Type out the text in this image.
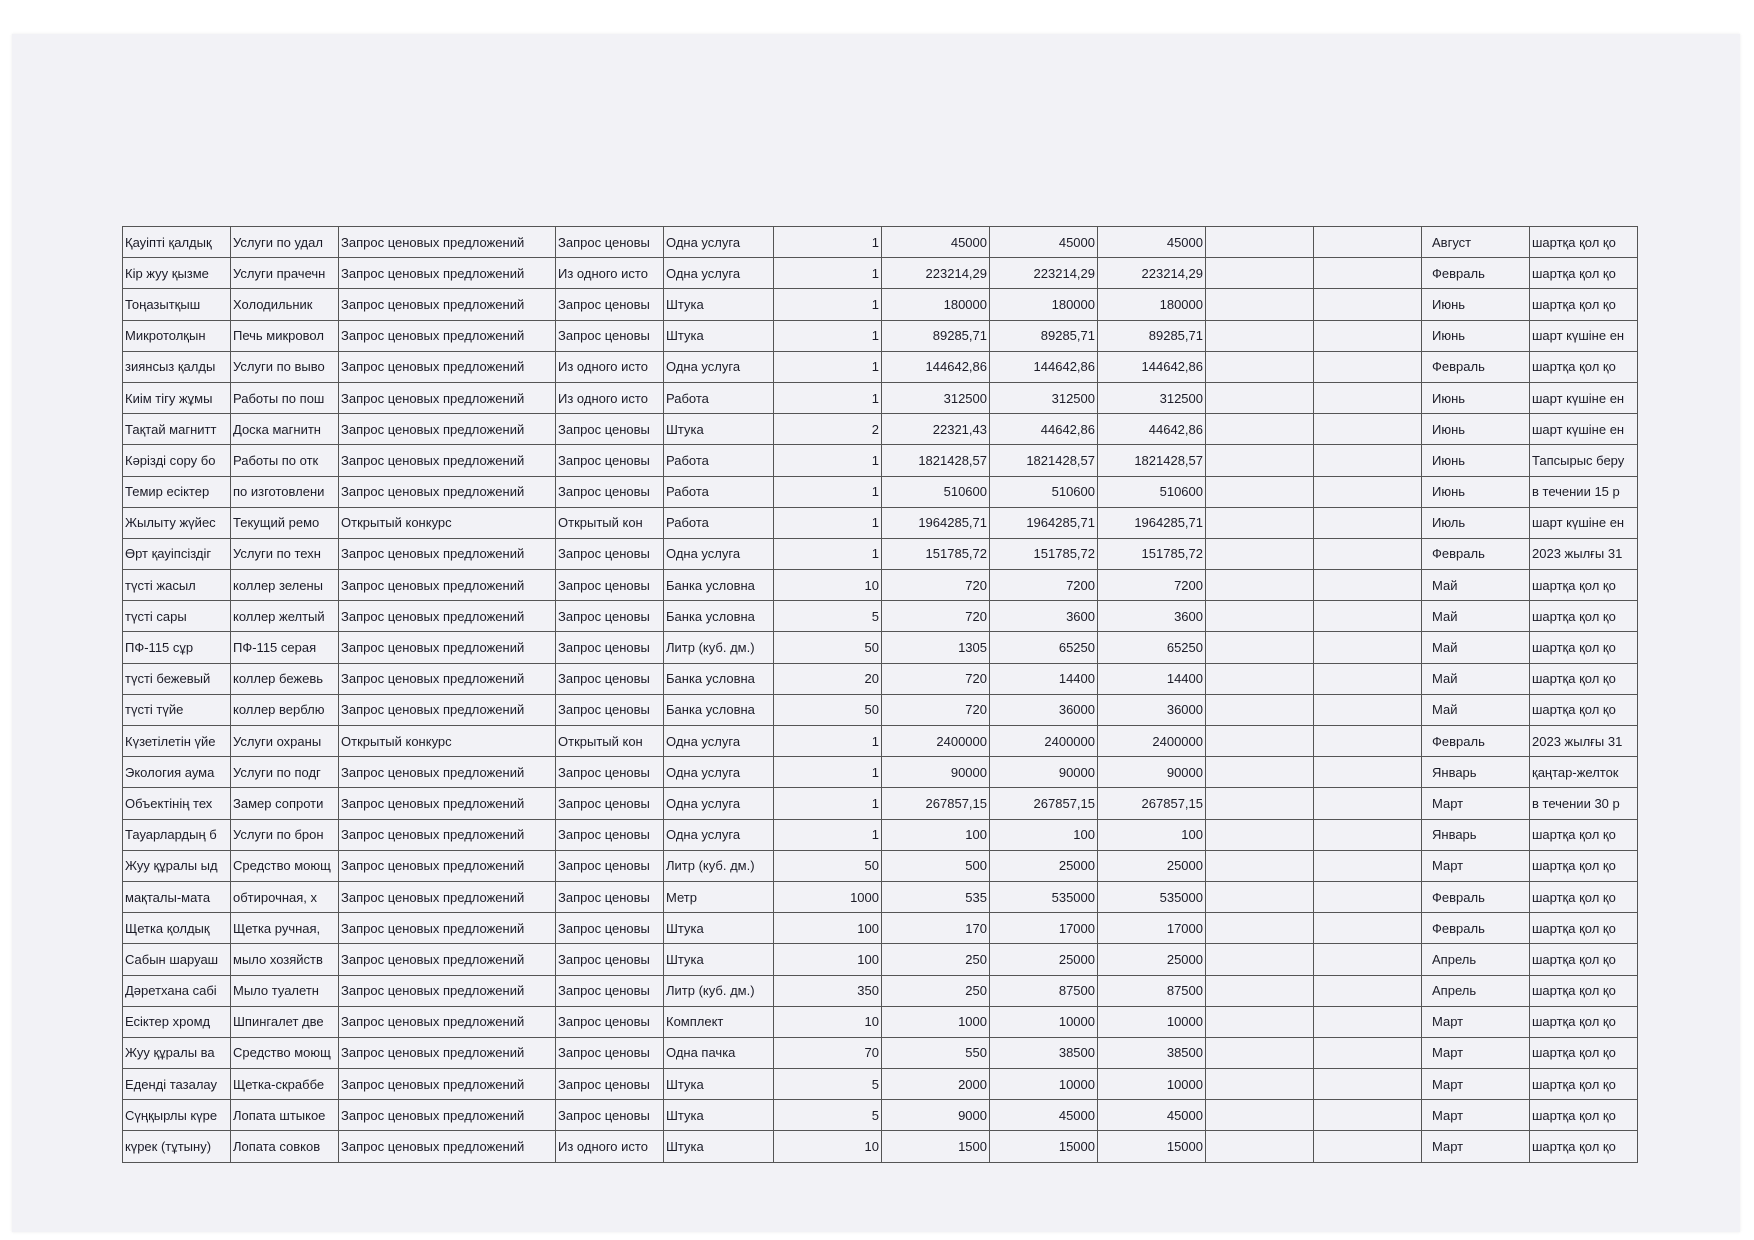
Қауіпті қалдық	Услуги по удал	Запрос ценовых предложений	Запрос ценовы	Одна услуга	1	45000	45000	45000			Август	шартқа қол қо
Кір жуу қызме	Услуги прачечн	Запрос ценовых предложений	Из одного исто	Одна услуга	1	223214,29	223214,29	223214,29			Февраль	шартқа қол қо
Тоңазытқыш	Холодильник	Запрос ценовых предложений	Запрос ценовы	Штука	1	180000	180000	180000			Июнь	шартқа қол қо
Микротолқын	Печь микровол	Запрос ценовых предложений	Запрос ценовы	Штука	1	89285,71	89285,71	89285,71			Июнь	шарт күшіне ен
зиянсыз қалды	Услуги по выво	Запрос ценовых предложений	Из одного исто	Одна услуга	1	144642,86	144642,86	144642,86			Февраль	шартқа қол қо
Киім тігу жұмы	Работы по пош	Запрос ценовых предложений	Из одного исто	Работа	1	312500	312500	312500			Июнь	шарт күшіне ен
Тақтай магнитт	Доска магнитн	Запрос ценовых предложений	Запрос ценовы	Штука	2	22321,43	44642,86	44642,86			Июнь	шарт күшіне ен
Кәрізді сору бо	Работы по отк	Запрос ценовых предложений	Запрос ценовы	Работа	1	1821428,57	1821428,57	1821428,57			Июнь	Тапсырыс беру
Темир есіктер	по изготовлени	Запрос ценовых предложений	Запрос ценовы	Работа	1	510600	510600	510600			Июнь	в течении 15 р
Жылыту жүйес	Текущий ремо	Открытый конкурс	Открытый кон	Работа	1	1964285,71	1964285,71	1964285,71			Июль	шарт күшіне ен
Өрт қауіпсіздіг	Услуги по техн	Запрос ценовых предложений	Запрос ценовы	Одна услуга	1	151785,72	151785,72	151785,72			Февраль	2023 жылғы 31
түсті жасыл	коллер зелены	Запрос ценовых предложений	Запрос ценовы	Банка условна	10	720	7200	7200			Май	шартқа қол қо
түсті сары	коллер желтый	Запрос ценовых предложений	Запрос ценовы	Банка условна	5	720	3600	3600			Май	шартқа қол қо
ПФ-115 сұр	ПФ-115 серая	Запрос ценовых предложений	Запрос ценовы	Литр (куб. дм.)	50	1305	65250	65250			Май	шартқа қол қо
түсті бежевый	коллер бежевь	Запрос ценовых предложений	Запрос ценовы	Банка условна	20	720	14400	14400			Май	шартқа қол қо
түсті түйе	коллер верблю	Запрос ценовых предложений	Запрос ценовы	Банка условна	50	720	36000	36000			Май	шартқа қол қо
Күзетілетін үйе	Услуги охраны	Открытый конкурс	Открытый кон	Одна услуга	1	2400000	2400000	2400000			Февраль	2023 жылғы 31
Экология аума	Услуги по подг	Запрос ценовых предложений	Запрос ценовы	Одна услуга	1	90000	90000	90000			Январь	қаңтар-желток
Объектінің тех	Замер сопроти	Запрос ценовых предложений	Запрос ценовы	Одна услуга	1	267857,15	267857,15	267857,15			Март	в течении 30 р
Тауарлардың б	Услуги по брон	Запрос ценовых предложений	Запрос ценовы	Одна услуга	1	100	100	100			Январь	шартқа қол қо
Жуу құралы ыд	Средство моющ	Запрос ценовых предложений	Запрос ценовы	Литр (куб. дм.)	50	500	25000	25000			Март	шартқа қол қо
мақталы-мата	обтирочная, х	Запрос ценовых предложений	Запрос ценовы	Метр	1000	535	535000	535000			Февраль	шартқа қол қо
Щетка қолдық	Щетка ручная,	Запрос ценовых предложений	Запрос ценовы	Штука	100	170	17000	17000			Февраль	шартқа қол қо
Сабын шаруаш	мыло хозяйств	Запрос ценовых предложений	Запрос ценовы	Штука	100	250	25000	25000			Апрель	шартқа қол қо
Дәретхана сабі	Мыло туалетн	Запрос ценовых предложений	Запрос ценовы	Литр (куб. дм.)	350	250	87500	87500			Апрель	шартқа қол қо
Есіктер хромд	Шпингалет две	Запрос ценовых предложений	Запрос ценовы	Комплект	10	1000	10000	10000			Март	шартқа қол қо
Жуу құралы ва	Средство моющ	Запрос ценовых предложений	Запрос ценовы	Одна пачка	70	550	38500	38500			Март	шартқа қол қо
Еденді тазалау	Щетка-скраббе	Запрос ценовых предложений	Запрос ценовы	Штука	5	2000	10000	10000			Март	шартқа қол қо
Сүңқырлы күре	Лопата штыкое	Запрос ценовых предложений	Запрос ценовы	Штука	5	9000	45000	45000			Март	шартқа қол қо
күрек (тұтыну)	Лопата совков	Запрос ценовых предложений	Из одного исто	Штука	10	1500	15000	15000			Март	шартқа қол қо
